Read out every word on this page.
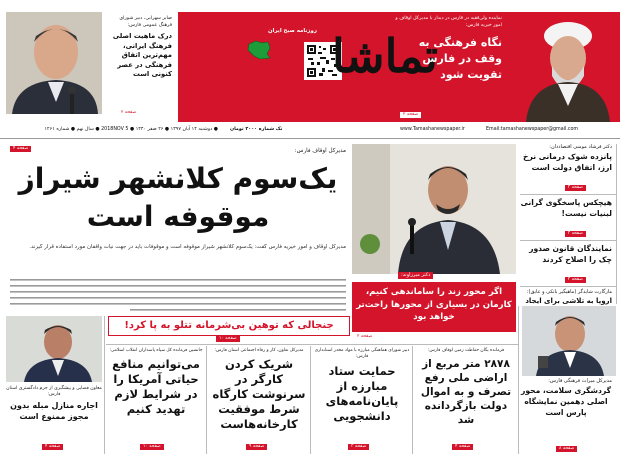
صابر سهرابی، دبیر شورای فرهنگ عمومی فارس:
درک ماهیت اصلی فرهنگ ایرانی، مهم‌ترین اتفاق فرهنگی در عصر کنونی است
صفحه ۲
روزنامه صبح ایران تماشا
نماینده ولی‌فقیه در فارس در دیدار با مدیرکل اوقاف و امور خیریه فارس:
نگاه فرهنگی به وقف در فارس تقویت شود
صفحه ۲
● دوشنبه ۱۴ آبان ۱۳۹۷ ● ۲۶ صفر ۱۴۴۰ ● 2018NOV 5 ● سال نهم ● شماره ۱۲۶۱	تک شماره ۲۰۰۰ تومان	www.Tamashanewspaper.ir	Email:tamashanewspaper@gmail.com
دکتر فرشاد مومنی اقتصاددان:
پانزده شوک درمانی نرخ ارز، اتفاق دولت است
صفحه ۳
هیچکس پاسخگوی گرانی لبنیات نیست!
صفحه ۳
نمایندگان قانون صدور چک را اصلاح کردند
صفحه ۳
مارگارت شایدگر (ماهیگیر بانکی و عایق):
اروپا به تلاشی برای ایجاد
مدیرکل میراث فرهنگی فارس:
گردشگری سلامت، محور اصلی دهمین نمایشگاه پارس است
صفحه ۸
دکتر میرزاوند:
اگر محور زند را ساماندهی کنیم، کارمان در بسیاری از محورها راحت‌تر خواهد بود
صفحه ۲
صفحه ۴	مدیرکل اوقاف فارس:
یک‌سوم کلانشهر شیراز
موقوفه است
مدیرکل اوقاف و امور خیریه فارس گفت: یک‌سوم کلانشهر شیراز موقوفه است و موقوفات باید در جهت نیات واقفان مورد استفاده قرار گیرند.
جنجالی که توهین بی‌شرمانه تتلو به پا کرد!
صفحه ۱۰
معاون فضایی و پیشگیری از جرم دادگستری استان فارس:
اجاره منازل مبله بدون مجوز ممنوع است
صفحه ۴
جانشین فرمانده کل سپاه پاسداران انقلاب اسلامی:
می‌توانیم منافع حیاتی آمریکا را در شرایط لازم تهدید کنیم
صفحه ۱۰
مدیرکل تعاون، کار و رفاه اجتماعی استان فارس:
شریک کردن کارگر در سرنوشت کارگاه شرط موفقیت کارخانه‌هاست
صفحه ۹
دبیر شورای هماهنگی مبارزه با مواد مخدر استانداری فارس:
حمایت ستاد مبارزه از پایان‌نامه‌های دانشجویی
صفحه ۳
فرمانده یگان حفاظت زمین اوقاف فارس:
۲۸۷۸ متر مربع از اراضی ملی رفع تصرف و به اموال دولت بازگردانده شد
صفحه ۴
